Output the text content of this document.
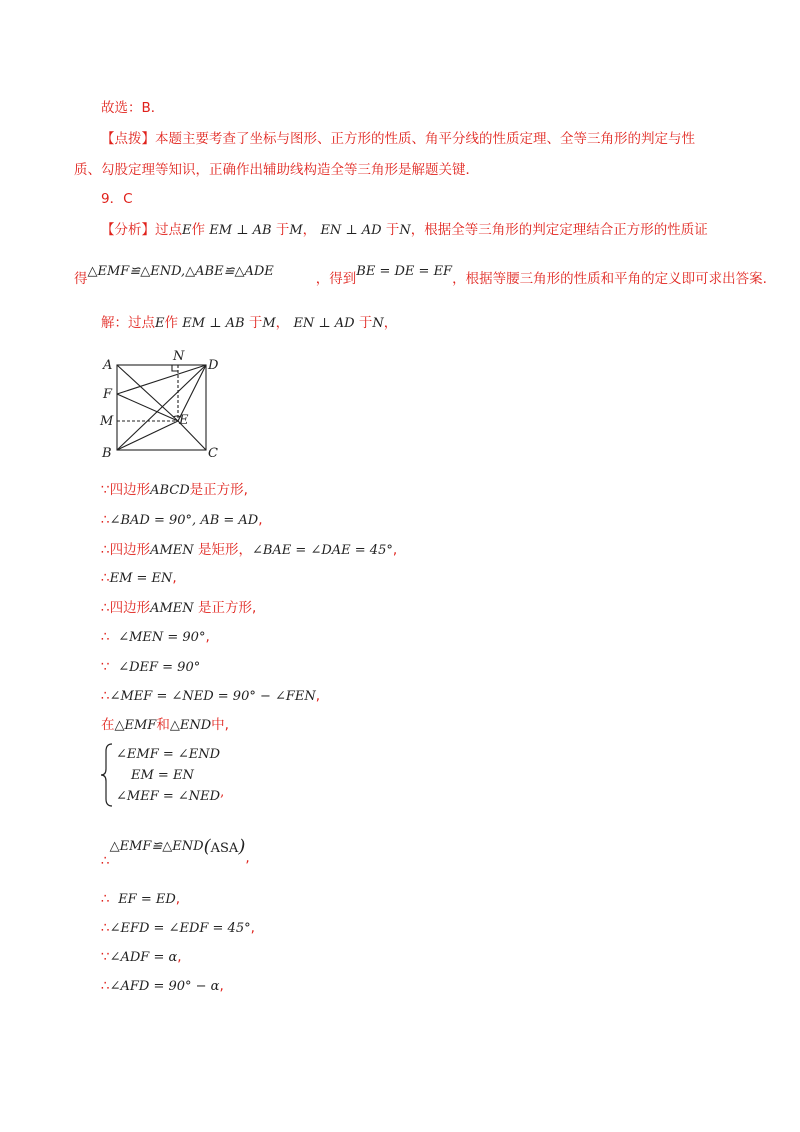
故选：B．
【点拨】本题主要考查了坐标与图形、正方形的性质、角平分线的性质定理、全等三角形的判定与性
质、勾股定理等知识，正确作出辅助线构造全等三角形是解题关键．
9．C
【分析】过点E作 EM ⊥ AB 于M， EN ⊥ AD 于N，根据全等三角形的判定定理结合正方形的性质证
得△EMF≌△END,△ABE≌△ADE	，得到BE = DE = EF，根据等腰三角形的性质和平角的定义即可求出答案.
解：过点E作 EM ⊥ AB 于M， EN ⊥ AD 于N，
A
N
D
F
M	E
B	C
∵四边形ABCD是正方形,
∴∠BAD = 90°, AB = AD,
∴四边形AMEN 是矩形，∠BAE = ∠DAE = 45°,
∴EM = EN,
∴四边形AMEN 是正方形,
∴ ∠MEN = 90°,
∵ ∠DEF = 90°
∴∠MEF = ∠NED = 90° − ∠FEN,
在△EMF和△END中,
∠EMF = ∠END
EM = EN
∠MEF = ∠NED,
∴△EMF≌△END(ASA),
∴ EF = ED,
∴∠EFD = ∠EDF = 45°,
∵∠ADF = α,
∴∠AFD = 90° − α,
